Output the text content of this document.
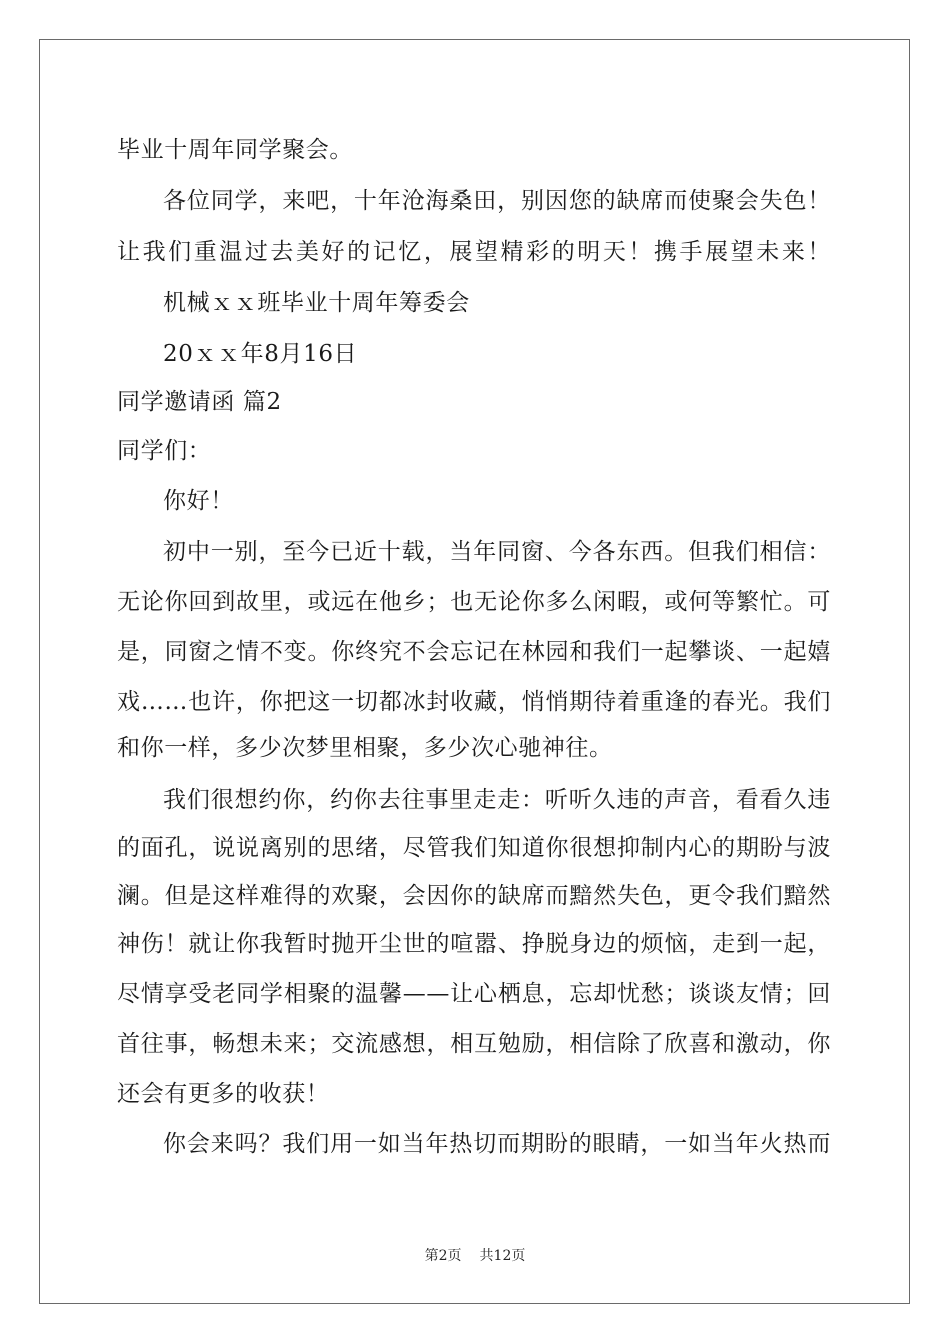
毕业十周年同学聚会。
各位同学，来吧，十年沧海桑田，别因您的缺席而使聚会失色！
让我们重温过去美好的记忆，展望精彩的明天！携手展望未来！
机械ｘｘ班毕业十周年筹委会
20ｘｘ年8月16日
同学邀请函 篇2
同学们：
你好！
初中一别，至今已近十载，当年同窗、今各东西。但我们相信：
无论你回到故里，或远在他乡；也无论你多么闲暇，或何等繁忙。可
是，同窗之情不变。你终究不会忘记在林园和我们一起攀谈、一起嬉
戏……也许，你把这一切都冰封收藏，悄悄期待着重逢的春光。我们
和你一样，多少次梦里相聚，多少次心驰神往。
我们很想约你，约你去往事里走走：听听久违的声音，看看久违
的面孔，说说离别的思绪，尽管我们知道你很想抑制内心的期盼与波
澜。但是这样难得的欢聚，会因你的缺席而黯然失色，更令我们黯然
神伤！就让你我暂时抛开尘世的喧嚣、挣脱身边的烦恼，走到一起，
尽情享受老同学相聚的温馨——让心栖息，忘却忧愁；谈谈友情；回
首往事，畅想未来；交流感想，相互勉励，相信除了欣喜和激动，你
还会有更多的收获！
你会来吗？我们用一如当年热切而期盼的眼睛，一如当年火热而
第2页 共12页
